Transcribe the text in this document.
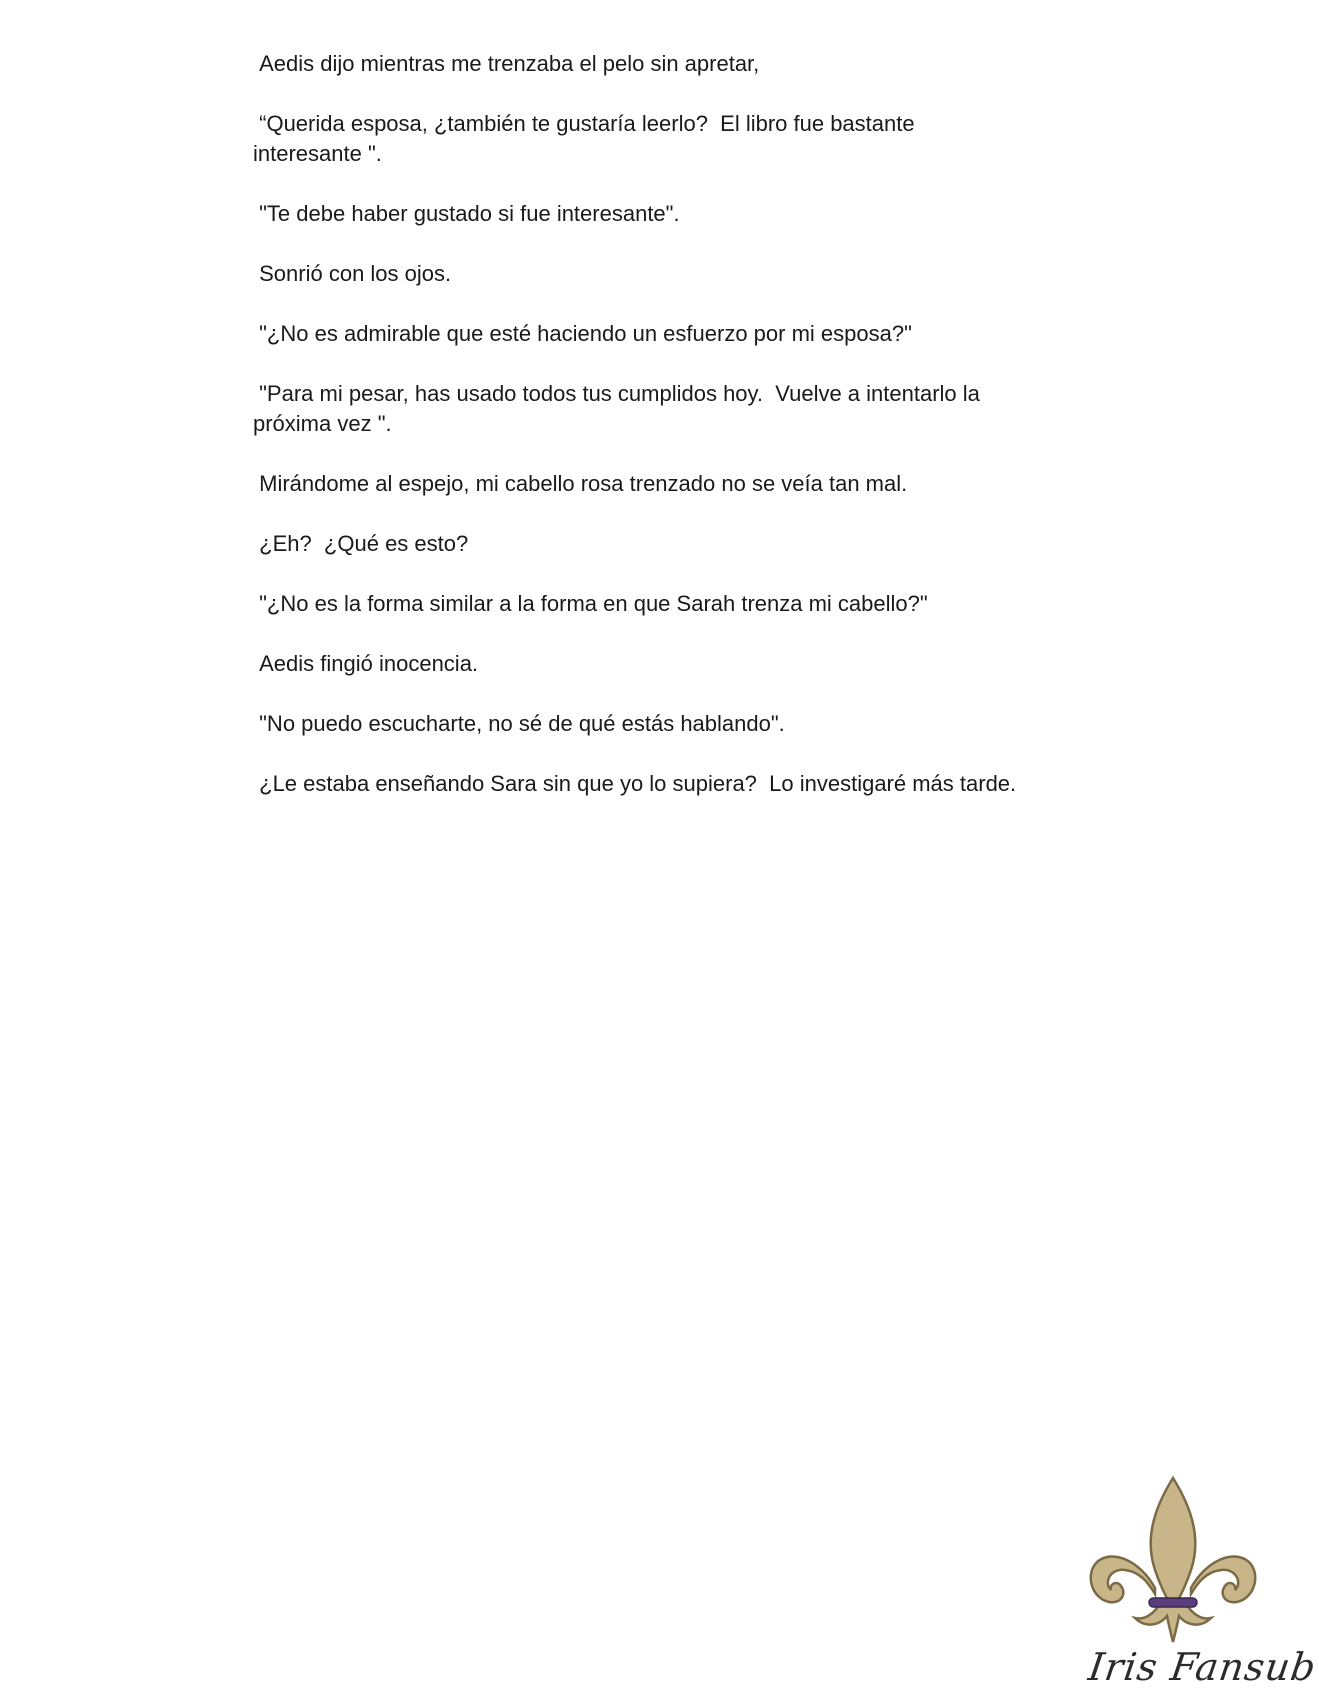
Aedis dijo mientras me trenzaba el pelo sin apretar,

“Querida esposa, ¿también te gustaría leerlo?  El libro fue bastante interesante ".

"Te debe haber gustado si fue interesante".

Sonrió con los ojos.

"¿No es admirable que esté haciendo un esfuerzo por mi esposa?"

"Para mi pesar, has usado todos tus cumplidos hoy.  Vuelve a intentarlo la próxima vez ".

Mirándome al espejo, mi cabello rosa trenzado no se veía tan mal.

¿Eh?  ¿Qué es esto?

"¿No es la forma similar a la forma en que Sarah trenza mi cabello?"

Aedis fingió inocencia.

"No puedo escucharte, no sé de qué estás hablando".

¿Le estaba enseñando Sara sin que yo lo supiera?  Lo investigaré más tarde.

Iris Fansub
